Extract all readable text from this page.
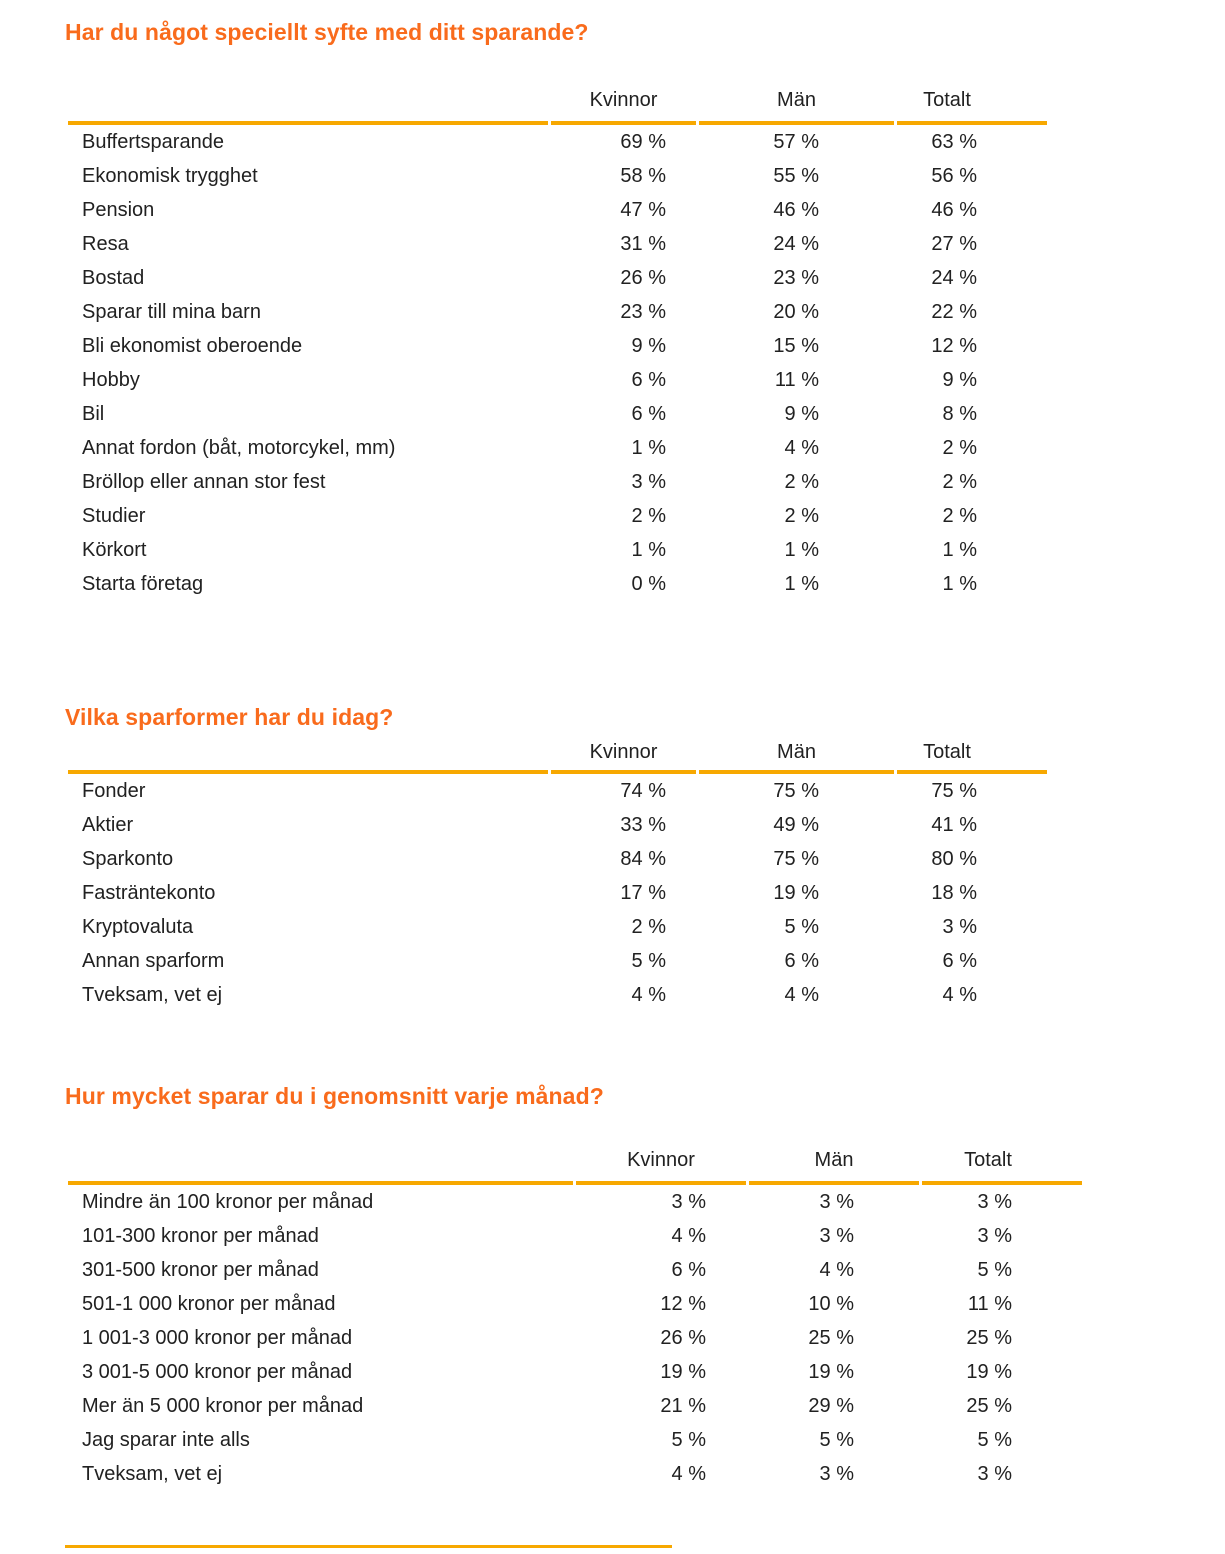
Har du något speciellt syfte med ditt sparande?
	Kvinnor	Män	Totalt
Buffertsparande	69 %	57 %	63 %
Ekonomisk trygghet	58 %	55 %	56 %
Pension	47 %	46 %	46 %
Resa	31 %	24 %	27 %
Bostad	26 %	23 %	24 %
Sparar till mina barn	23 %	20 %	22 %
Bli ekonomist oberoende	9 %	15 %	12 %
Hobby	6 %	11 %	9 %
Bil	6 %	9 %	8 %
Annat fordon (båt, motorcykel, mm)	1 %	4 %	2 %
Bröllop eller annan stor fest	3 %	2 %	2 %
Studier	2 %	2 %	2 %
Körkort	1 %	1 %	1 %
Starta företag	0 %	1 %	1 %
Vilka sparformer har du idag?
	Kvinnor	Män	Totalt
Fonder	74 %	75 %	75 %
Aktier	33 %	49 %	41 %
Sparkonto	84 %	75 %	80 %
Fasträntekonto	17 %	19 %	18 %
Kryptovaluta	2 %	5 %	3 %
Annan sparform	5 %	6 %	6 %
Tveksam, vet ej	4 %	4 %	4 %
Hur mycket sparar du i genomsnitt varje månad?
	Kvinnor	Män	Totalt
Mindre än 100 kronor per månad	3 %	3 %	3 %
101-300 kronor per månad	4 %	3 %	3 %
301-500 kronor per månad	6 %	4 %	5 %
501-1 000 kronor per månad	12 %	10 %	11 %
1 001-3 000 kronor per månad	26 %	25 %	25 %
3 001-5 000 kronor per månad	19 %	19 %	19 %
Mer än 5 000 kronor per månad	21 %	29 %	25 %
Jag sparar inte alls	5 %	5 %	5 %
Tveksam, vet ej	4 %	3 %	3 %
